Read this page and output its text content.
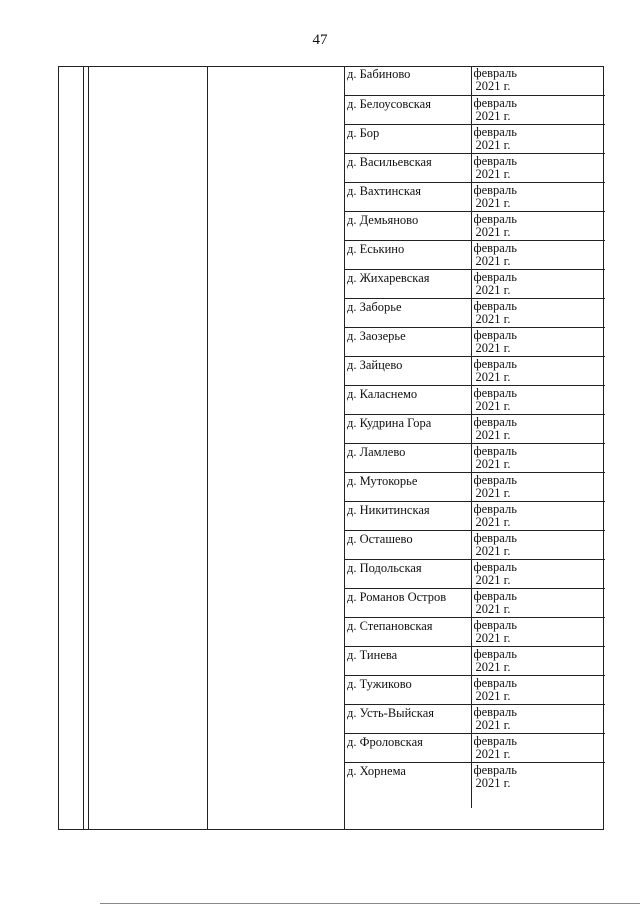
47
д. Бабиново	февраль
2021 г.

д. Белоусовская	февраль
2021 г.

д. Бор	февраль
2021 г.

д. Васильевская	февраль
2021 г.

д. Вахтинская	февраль
2021 г.

д. Демьяново	февраль
2021 г.

д. Еськино	февраль
2021 г.

д. Жихаревская	февраль
2021 г.

д. Заборье	февраль
2021 г.

д. Заозерье	февраль
2021 г.

д. Зайцево	февраль
2021 г.

д. Каласнемо	февраль
2021 г.

д. Кудрина Гора	февраль
2021 г.

д. Ламлево	февраль
2021 г.

д. Мутокорье	февраль
2021 г.

д. Никитинская	февраль
2021 г.

д. Осташево	февраль
2021 г.

д. Подольская	февраль
2021 г.

д. Романов Остров	февраль
2021 г.

д. Степановская	февраль
2021 г.

д. Тинева	февраль
2021 г.

д. Тужиково	февраль
2021 г.

д. Усть-Выйская	февраль
2021 г.

д. Фроловская	февраль
2021 г.

д. Хорнема	февраль
2021 г.
